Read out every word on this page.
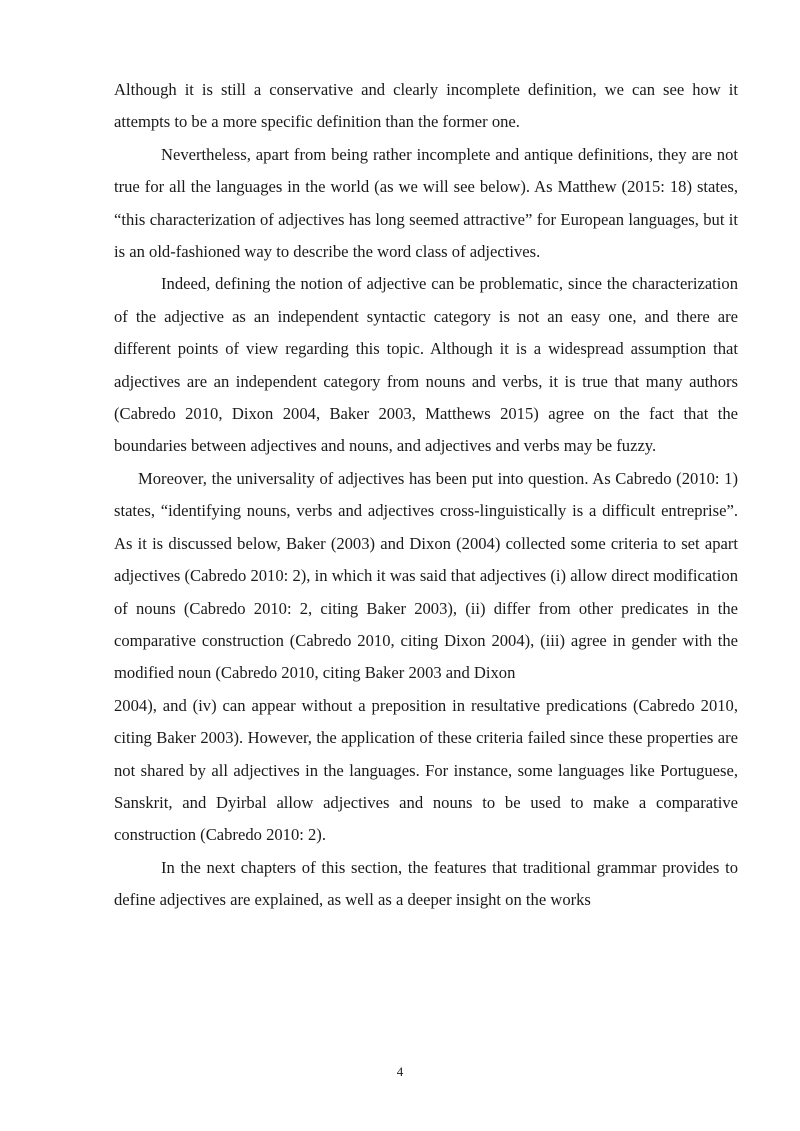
Although it is still a conservative and clearly incomplete definition, we can see how it attempts to be a more specific definition than the former one.

Nevertheless, apart from being rather incomplete and antique definitions, they are not true for all the languages in the world (as we will see below). As Matthew (2015: 18) states, “this characterization of adjectives has long seemed attractive” for European languages, but it is an old-fashioned way to describe the word class of adjectives.

Indeed, defining the notion of adjective can be problematic, since the characterization of the adjective as an independent syntactic category is not an easy one, and there are different points of view regarding this topic. Although it is a widespread assumption that adjectives are an independent category from nouns and verbs, it is true that many authors (Cabredo 2010, Dixon 2004, Baker 2003, Matthews 2015) agree on the fact that the boundaries between adjectives and nouns, and adjectives and verbs may be fuzzy.

Moreover, the universality of adjectives has been put into question. As Cabredo (2010: 1) states, “identifying nouns, verbs and adjectives cross-linguistically is a difficult entreprise”. As it is discussed below, Baker (2003) and Dixon (2004) collected some criteria to set apart adjectives (Cabredo 2010: 2), in which it was said that adjectives (i) allow direct modification of nouns (Cabredo 2010: 2, citing Baker 2003), (ii) differ from other predicates in the comparative construction (Cabredo 2010, citing Dixon 2004), (iii) agree in gender with the modified noun (Cabredo 2010, citing Baker 2003 and Dixon

2004), and (iv) can appear without a preposition in resultative predications (Cabredo 2010, citing Baker 2003). However, the application of these criteria failed since these properties are not shared by all adjectives in the languages. For instance, some languages like Portuguese, Sanskrit, and Dyirbal allow adjectives and nouns to be used to make a comparative construction (Cabredo 2010: 2).

In the next chapters of this section, the features that traditional grammar provides to define adjectives are explained, as well as a deeper insight on the works

4
